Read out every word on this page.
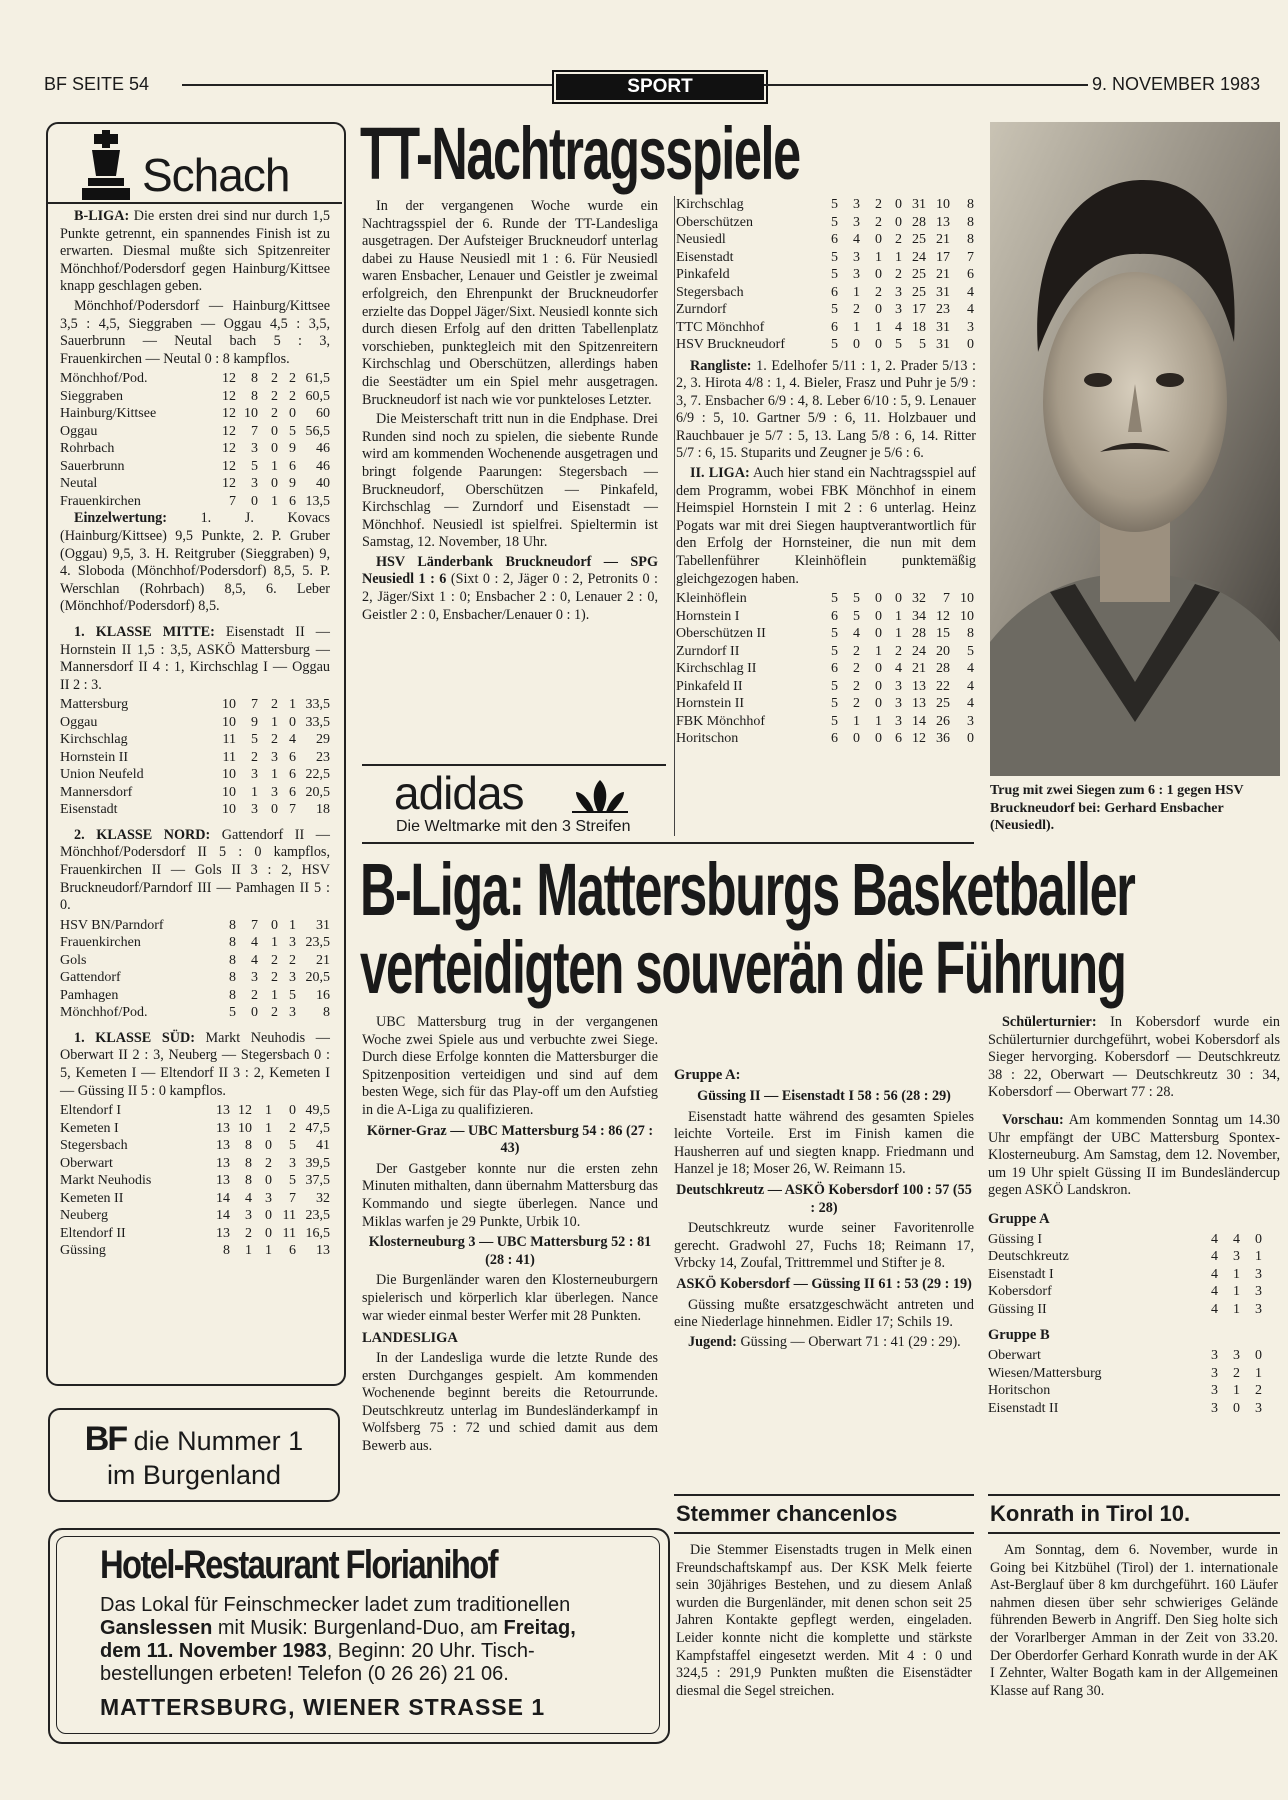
BF SEITE 54	SPORT	9. NOVEMBER 1983
Schach

B-LIGA: Die ersten drei sind nur durch 1,5 Punkte getrennt, ein spannendes Finish ist zu erwarten. Diesmal mußte sich Spitzenreiter Mönchhof/Podersdorf gegen Hainburg/Kittsee knapp geschlagen geben.

Mönchhof/Podersdorf — Hainburg/Kittsee 3,5 : 4,5, Sieggraben — Oggau 4,5 : 3,5, Sauerbrunn — Neutal bach 5 : 3, Frauenkirchen — Neutal 0 : 8 kampflos.

Mönchhof/Pod.	12	8	2	2	61,5
Sieggraben	12	8	2	2	60,5
Hainburg/Kittsee	12	10	2	0	60
Oggau	12	7	0	5	56,5
Rohrbach	12	3	0	9	46
Sauerbrunn	12	5	1	6	46
Neutal	12	3	0	9	40
Frauenkirchen	7	0	1	6	13,5

Einzelwertung: 1. J. Kovacs (Hainburg/Kittsee) 9,5 Punkte, 2. P. Gruber (Oggau) 9,5, 3. H. Reitgruber (Sieggraben) 9, 4. Sloboda (Mönchhof/Podersdorf) 8,5, 5. P. Werschlan (Rohrbach) 8,5, 6. Leber (Mönchhof/Podersdorf) 8,5.

1. KLASSE MITTE: Eisenstadt II — Hornstein II 1,5 : 3,5, ASKÖ Mattersburg — Mannersdorf II 4 : 1, Kirchschlag I — Oggau II 2 : 3.

Mattersburg	10	7	2	1	33,5
Oggau	10	9	1	0	33,5
Kirchschlag	11	5	2	4	29
Hornstein II	11	2	3	6	23
Union Neufeld	10	3	1	6	22,5
Mannersdorf	10	1	3	6	20,5
Eisenstadt	10	3	0	7	18

2. KLASSE NORD: Gattendorf II — Mönchhof/Podersdorf II 5 : 0 kampflos, Frauenkirchen II — Gols II 3 : 2, HSV Bruckneudorf/Parndorf III — Pamhagen II 5 : 0.

HSV BN/Parndorf	8	7	0	1	31
Frauenkirchen	8	4	1	3	23,5
Gols	8	4	2	2	21
Gattendorf	8	3	2	3	20,5
Pamhagen	8	2	1	5	16
Mönchhof/Pod.	5	0	2	3	8

1. KLASSE SÜD: Markt Neuhodis — Oberwart II 2 : 3, Neuberg — Stegersbach 0 : 5, Kemeten I — Eltendorf II 3 : 2, Kemeten I — Güssing II 5 : 0 kampflos.

Eltendorf I	13	12	1	0	49,5
Kemeten I	13	10	1	2	47,5
Stegersbach	13	8	0	5	41
Oberwart	13	8	2	3	39,5
Markt Neuhodis	13	8	0	5	37,5
Kemeten II	14	4	3	7	32
Neuberg	14	3	0	11	23,5
Eltendorf II	13	2	0	11	16,5
Güssing	8	1	1	6	13
BF die Nummer 1
im Burgenland
Hotel-Restaurant Florianihof
Das Lokal für Feinschmecker ladet zum traditionellen
Ganslessen mit Musik: Burgenland-Duo, am Freitag,
dem 11. November 1983, Beginn: 20 Uhr. Tisch-
bestellungen erbeten! Telefon (0 26 26) 21 06.
MATTERSBURG, WIENER STRASSE 1
TT-Nachtragsspiele

In der vergangenen Woche wurde ein Nachtragsspiel der 6. Runde der TT-Landesliga ausgetragen. Der Aufsteiger Bruckneudorf unterlag dabei zu Hause Neusiedl mit 1 : 6. Für Neusiedl waren Ensbacher, Lenauer und Geistler je zweimal erfolgreich, den Ehrenpunkt der Bruckneudorfer erzielte das Doppel Jäger/Sixt. Neusiedl konnte sich durch diesen Erfolg auf den dritten Tabellenplatz vorschieben, punktegleich mit den Spitzenreitern Kirchschlag und Oberschützen, allerdings haben die Seestädter um ein Spiel mehr ausgetragen. Bruckneudorf ist nach wie vor punkteloses Letzter.

Die Meisterschaft tritt nun in die Endphase. Drei Runden sind noch zu spielen, die siebente Runde wird am kommenden Wochenende ausgetragen und bringt folgende Paarungen: Stegersbach — Bruckneudorf, Oberschützen — Pinkafeld, Kirchschlag — Zurndorf und Eisenstadt — Mönchhof. Neusiedl ist spielfrei. Spieltermin ist Samstag, 12. November, 18 Uhr.

HSV Länderbank Bruckneudorf — SPG Neusiedl 1 : 6 (Sixt 0 : 2, Jäger 0 : 2, Petronits 0 : 2, Jäger/Sixt 1 : 0; Ensbacher 2 : 0, Lenauer 2 : 0, Geistler 2 : 0, Ensbacher/Lenauer 0 : 1).

Kirchschlag	5	3	2	0	31	10	8
Oberschützen	5	3	2	0	28	13	8
Neusiedl	6	4	0	2	25	21	8
Eisenstadt	5	3	1	1	24	17	7
Pinkafeld	5	3	0	2	25	21	6
Stegersbach	6	1	2	3	25	31	4
Zurndorf	5	2	0	3	17	23	4
TTC Mönchhof	6	1	1	4	18	31	3
HSV Bruckneudorf	5	0	0	5	5	31	0

Rangliste: 1. Edelhofer 5/11 : 1, 2. Prader 5/13 : 2, 3. Hirota 4/8 : 1, 4. Bieler, Frasz und Puhr je 5/9 : 3, 7. Ensbacher 6/9 : 4, 8. Leber 6/10 : 5, 9. Lenauer 6/9 : 5, 10. Gartner 5/9 : 6, 11. Holzbauer und Rauchbauer je 5/7 : 5, 13. Lang 5/8 : 6, 14. Ritter 5/7 : 6, 15. Stuparits und Zeugner je 5/6 : 6.

II. LIGA: Auch hier stand ein Nachtragsspiel auf dem Programm, wobei FBK Mönchhof in einem Heimspiel Hornstein I mit 2 : 6 unterlag. Heinz Pogats war mit drei Siegen hauptverantwortlich für den Erfolg der Hornsteiner, die nun mit dem Tabellenführer Kleinhöflein punktemäßig gleichgezogen haben.

Kleinhöflein	5	5	0	0	32	7	10
Hornstein I	6	5	0	1	34	12	10
Oberschützen II	5	4	0	1	28	15	8
Zurndorf II	5	2	1	2	24	20	5
Kirchschlag II	6	2	0	4	21	28	4
Pinkafeld II	5	2	0	3	13	22	4
Hornstein II	5	2	0	3	13	25	4
FBK Mönchhof	5	1	1	3	14	26	3
Horitschon	6	0	0	6	12	36	0
adidas
Die Weltmarke mit den 3 Streifen
Trug mit zwei Siegen zum 6 : 1 gegen HSV Bruckneudorf bei: Gerhard Ensbacher (Neusiedl).
B-Liga: Mattersburgs Basketballer
verteidigten souverän die Führung

UBC Mattersburg trug in der vergangenen Woche zwei Spiele aus und verbuchte zwei Siege. Durch diese Erfolge konnten die Mattersburger die Spitzenposition verteidigen und sind auf dem besten Wege, sich für das Play-off um den Aufstieg in die A-Liga zu qualifizieren.

Körner-Graz — UBC Mattersburg 54 : 86 (27 : 43)

Der Gastgeber konnte nur die ersten zehn Minuten mithalten, dann übernahm Mattersburg das Kommando und siegte überlegen. Nance und Miklas warfen je 29 Punkte, Urbik 10.

Klosterneuburg 3 — UBC Mattersburg 52 : 81 (28 : 41)

Die Burgenländer waren den Klosterneuburgern spielerisch und körperlich klar überlegen. Nance war wieder einmal bester Werfer mit 28 Punkten.

LANDESLIGA

In der Landesliga wurde die letzte Runde des ersten Durchganges gespielt. Am kommenden Wochenende beginnt bereits die Retourrunde. Deutschkreutz unterlag im Bundesländerkampf in Wolfsberg 75 : 72 und schied damit aus dem Bewerb aus.

Gruppe A:
Güssing II — Eisenstadt I 58 : 56 (28 : 29)

Eisenstadt hatte während des gesamten Spieles leichte Vorteile. Erst im Finish kamen die Hausherren auf und siegten knapp. Friedmann und Hanzel je 18; Moser 26, W. Reimann 15.

Deutschkreutz — ASKÖ Kobersdorf 100 : 57 (55 : 28)

Deutschkreutz wurde seiner Favoritenrolle gerecht. Gradwohl 27, Fuchs 18; Reimann 17, Vrbcky 14, Zoufal, Trittremmel und Stifter je 8.

ASKÖ Kobersdorf — Güssing II 61 : 53 (29 : 19)

Güssing mußte ersatzgeschwächt antreten und eine Niederlage hinnehmen. Eidler 17; Schils 19.

Jugend: Güssing — Oberwart 71 : 41 (29 : 29).

Schülerturnier: In Kobersdorf wurde ein Schülerturnier durchgeführt, wobei Kobersdorf als Sieger hervorging. Kobersdorf — Deutschkreutz 38 : 22, Oberwart — Deutschkreutz 30 : 34, Kobersdorf — Oberwart 77 : 28.

Vorschau: Am kommenden Sonntag um 14.30 Uhr empfängt der UBC Mattersburg Spontex-Klosterneuburg. Am Samstag, dem 12. November, um 19 Uhr spielt Güssing II im Bundesländercup gegen ASKÖ Landskron.

Gruppe A
Güssing I	4	4	0
Deutschkreutz	4	3	1
Eisenstadt I	4	1	3
Kobersdorf	4	1	3
Güssing II	4	1	3
Gruppe B
Oberwart	3	3	0
Wiesen/Mattersburg	3	2	1
Horitschon	3	1	2
Eisenstadt II	3	0	3
Stemmer chancenlos

Die Stemmer Eisenstadts trugen in Melk einen Freundschaftskampf aus. Der KSK Melk feierte sein 30jähriges Bestehen, und zu diesem Anlaß wurden die Burgenländer, mit denen schon seit 25 Jahren Kontakte gepflegt werden, eingeladen. Leider konnte nicht die komplette und stärkste Kampfstaffel eingesetzt werden. Mit 4 : 0 und 324,5 : 291,9 Punkten mußten die Eisenstädter diesmal die Segel streichen.

Konrath in Tirol 10.

Am Sonntag, dem 6. November, wurde in Going bei Kitzbühel (Tirol) der 1. internationale Ast-Berglauf über 8 km durchgeführt. 160 Läufer nahmen diesen über sehr schwieriges Gelände führenden Bewerb in Angriff. Den Sieg holte sich der Vorarlberger Amman in der Zeit von 33.20. Der Oberdorfer Gerhard Konrath wurde in der AK I Zehnter, Walter Bogath kam in der Allgemeinen Klasse auf Rang 30.
